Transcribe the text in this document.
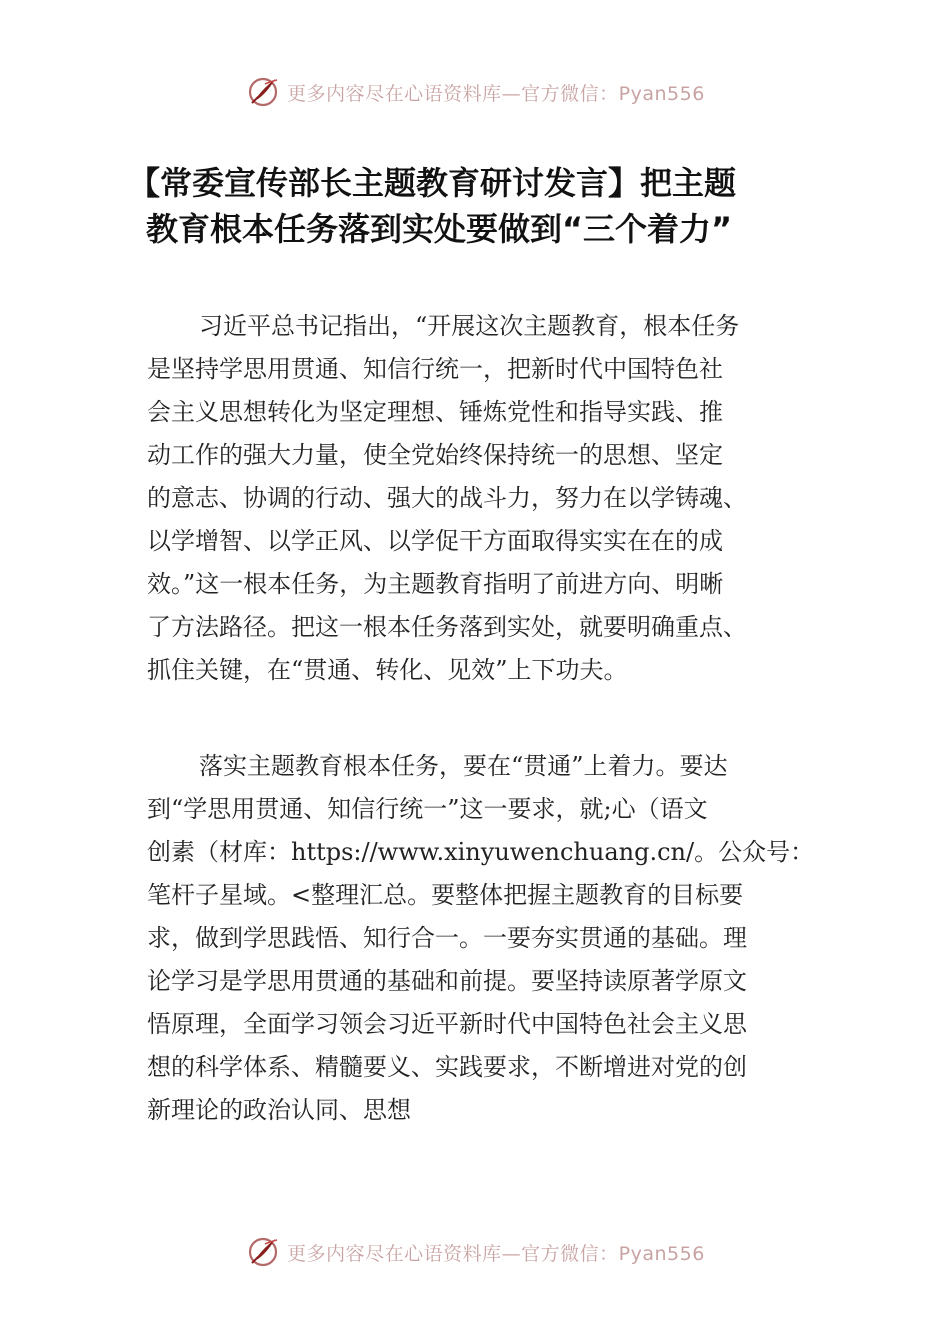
更多内容尽在心语资料库—官方微信：Pyan556
【常委宣传部长主题教育研讨发言】把主题
教育根本任务落到实处要做到“三个着力”
习近平总书记指出，“开展这次主题教育，根本任务
是坚持学思用贯通、知信行统一，把新时代中国特色社
会主义思想转化为坚定理想、锤炼党性和指导实践、推
动工作的强大力量，使全党始终保持统一的思想、坚定
的意志、协调的行动、强大的战斗力，努力在以学铸魂、
以学增智、以学正风、以学促干方面取得实实在在的成
效。”这一根本任务，为主题教育指明了前进方向、明晰
了方法路径。把这一根本任务落到实处，就要明确重点、
抓住关键，在“贯通、转化、见效”上下功夫。
落实主题教育根本任务，要在“贯通”上着力。要达
到“学思用贯通、知信行统一”这一要求，就;心（语文
创素（材库：https://www.xinyuwenchuang.cn/。公众号：
笔杆子星域。<整理汇总。要整体把握主题教育的目标要
求，做到学思践悟、知行合一。一要夯实贯通的基础。理
论学习是学思用贯通的基础和前提。要坚持读原著学原文
悟原理，全面学习领会习近平新时代中国特色社会主义思
想的科学体系、精髓要义、实践要求，不断增进对党的创
新理论的政治认同、思想
更多内容尽在心语资料库—官方微信：Pyan556
